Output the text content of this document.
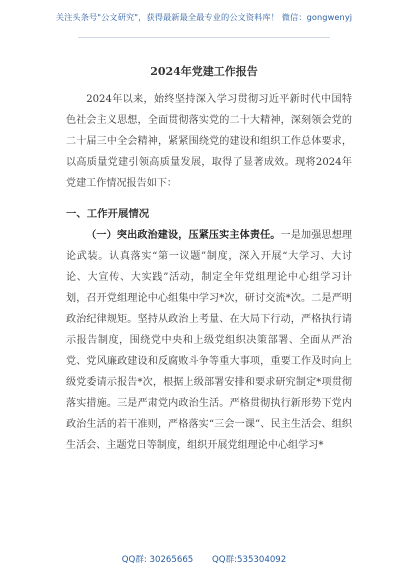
关注头条号"公文研究"，获得最新最全最专业的公文资料库！ 微信：gongwenyj
2024年党建工作报告
2024年以来，始终坚持深入学习贯彻习近平新时代中国特色社会主义思想，全面贯彻落实党的二十大精神，深刻领会党的二十届三中全会精神，紧紧围绕党的建设和组织工作总体要求，以高质量党建引领高质量发展，取得了显著成效。现将2024年党建工作情况报告如下：
一、工作开展情况
（一）突出政治建设，压紧压实主体责任。一是加强思想理论武装。认真落实“第一议题”制度，深入开展“大学习、大讨论、大宣传、大实践”活动，制定全年党组理论中心组学习计划，召开党组理论中心组集中学习*次，研讨交流*次。二是严明政治纪律规矩。坚持从政治上考量、在大局下行动，严格执行请示报告制度，围绕党中央和上级党组织决策部署、全面从严治党、党风廉政建设和反腐败斗争等重大事项，重要工作及时向上级党委请示报告*次，根据上级部署安排和要求研究制定*项贯彻落实措施。三是严肃党内政治生活。严格贯彻执行新形势下党内政治生活的若干准则，严格落实“三会一课”、民主生活会、组织生活会、主题党日等制度，组织开展党组理论中心组学习*
QQ群: 30265665 QQ群:535304092
